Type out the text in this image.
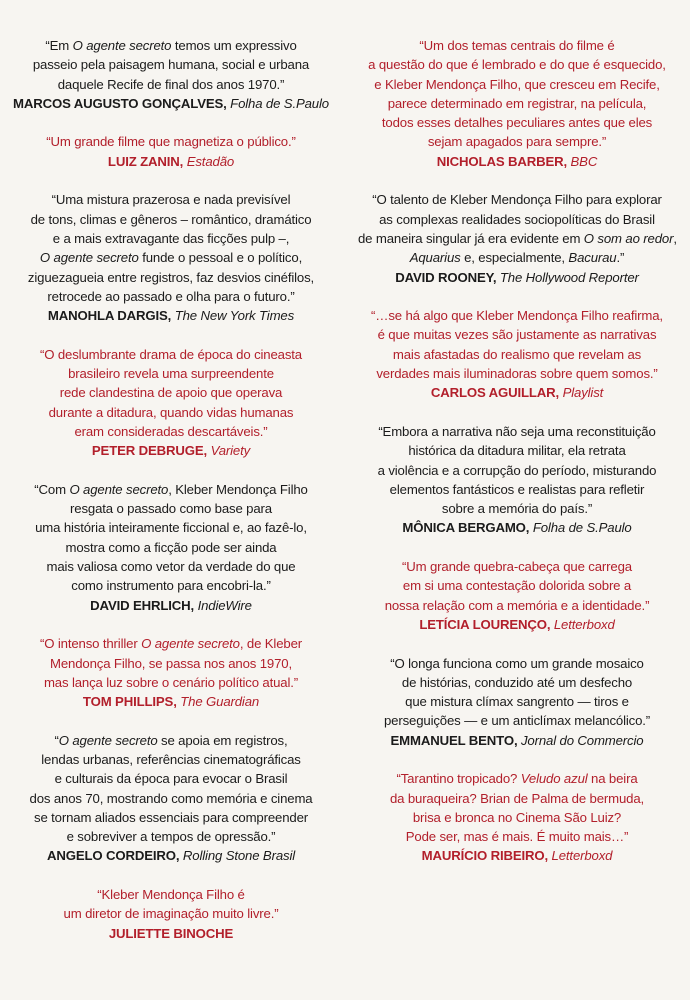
“Em O agente secreto temos um expressivo
passeio pela paisagem humana, social e urbana
daquele Recife de final dos anos 1970.”
MARCOS AUGUSTO GONÇALVES, Folha de S.Paulo
“Um grande filme que magnetiza o público.”
LUIZ ZANIN, Estadão
“Uma mistura prazerosa e nada previsível
de tons, climas e gêneros – romântico, dramático
e a mais extravagante das ficções pulp –,
O agente secreto funde o pessoal e o político,
ziguezagueia entre registros, faz desvios cinéfilos,
retrocede ao passado e olha para o futuro.”
MANOHLA DARGIS, The New York Times
“O deslumbrante drama de época do cineasta
brasileiro revela uma surpreendente
rede clandestina de apoio que operava
durante a ditadura, quando vidas humanas
eram consideradas descartáveis.”
PETER DEBRUGE, Variety
“Com O agente secreto, Kleber Mendonça Filho
resgata o passado como base para
uma história inteiramente ficcional e, ao fazê-lo,
mostra como a ficção pode ser ainda
mais valiosa como vetor da verdade do que
como instrumento para encobri-la.”
DAVID EHRLICH, IndieWire
“O intenso thriller O agente secreto, de Kleber
Mendonça Filho, se passa nos anos 1970,
mas lança luz sobre o cenário político atual.”
TOM PHILLIPS, The Guardian
“O agente secreto se apoia em registros,
lendas urbanas, referências cinematográficas
e culturais da época para evocar o Brasil
dos anos 70, mostrando como memória e cinema
se tornam aliados essenciais para compreender
e sobreviver a tempos de opressão.”
ANGELO CORDEIRO, Rolling Stone Brasil
“Kleber Mendonça Filho é
um diretor de imaginação muito livre.”
JULIETTE BINOCHE
“Um dos temas centrais do filme é
a questão do que é lembrado e do que é esquecido,
e Kleber Mendonça Filho, que cresceu em Recife,
parece determinado em registrar, na película,
todos esses detalhes peculiares antes que eles
sejam apagados para sempre.”
NICHOLAS BARBER, BBC
“O talento de Kleber Mendonça Filho para explorar
as complexas realidades sociopolíticas do Brasil
de maneira singular já era evidente em O som ao redor,
Aquarius e, especialmente, Bacurau.”
DAVID ROONEY, The Hollywood Reporter
“…se há algo que Kleber Mendonça Filho reafirma,
é que muitas vezes são justamente as narrativas
mais afastadas do realismo que revelam as
verdades mais iluminadoras sobre quem somos.”
CARLOS AGUILLAR, Playlist
“Embora a narrativa não seja uma reconstituição
histórica da ditadura militar, ela retrata
a violência e a corrupção do período, misturando
elementos fantásticos e realistas para refletir
sobre a memória do país.”
MÔNICA BERGAMO, Folha de S.Paulo
“Um grande quebra-cabeça que carrega
em si uma contestação dolorida sobre a
nossa relação com a memória e a identidade.”
LETÍCIA LOURENÇO, Letterboxd
“O longa funciona como um grande mosaico
de histórias, conduzido até um desfecho
que mistura clímax sangrento — tiros e
perseguições — e um anticlímax melancólico.”
EMMANUEL BENTO, Jornal do Commercio
“Tarantino tropicado? Veludo azul na beira
da buraqueira? Brian de Palma de bermuda,
brisa e bronca no Cinema São Luiz?
Pode ser, mas é mais. É muito mais…”
MAURÍCIO RIBEIRO, Letterboxd
